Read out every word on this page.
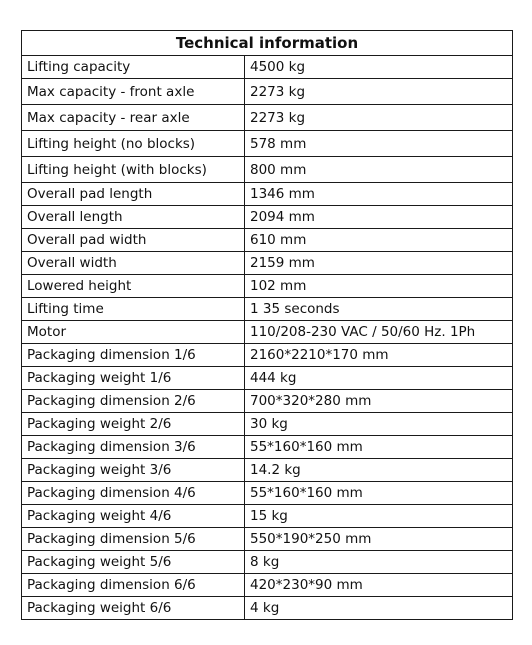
Technical information	
Lifting capacity	4500 kg
Max capacity - front axle	2273 kg
Max capacity - rear axle	2273 kg
Lifting height (no blocks)	578 mm
Lifting height (with blocks)	800 mm
Overall pad length	1346 mm
Overall length	2094 mm
Overall pad width	610 mm
Overall width	2159 mm
Lowered height	102 mm
Lifting time	1 35 seconds
Motor	110/208-230 VAC / 50/60 Hz. 1Ph
Packaging dimension 1/6	2160*2210*170 mm
Packaging weight 1/6	444 kg
Packaging dimension 2/6	700*320*280 mm
Packaging weight 2/6	30 kg
Packaging dimension 3/6	55*160*160 mm
Packaging weight 3/6	14.2 kg
Packaging dimension 4/6	55*160*160 mm
Packaging weight 4/6	15 kg
Packaging dimension 5/6	550*190*250 mm
Packaging weight 5/6	8 kg
Packaging dimension 6/6	420*230*90 mm
Packaging weight 6/6	4 kg
